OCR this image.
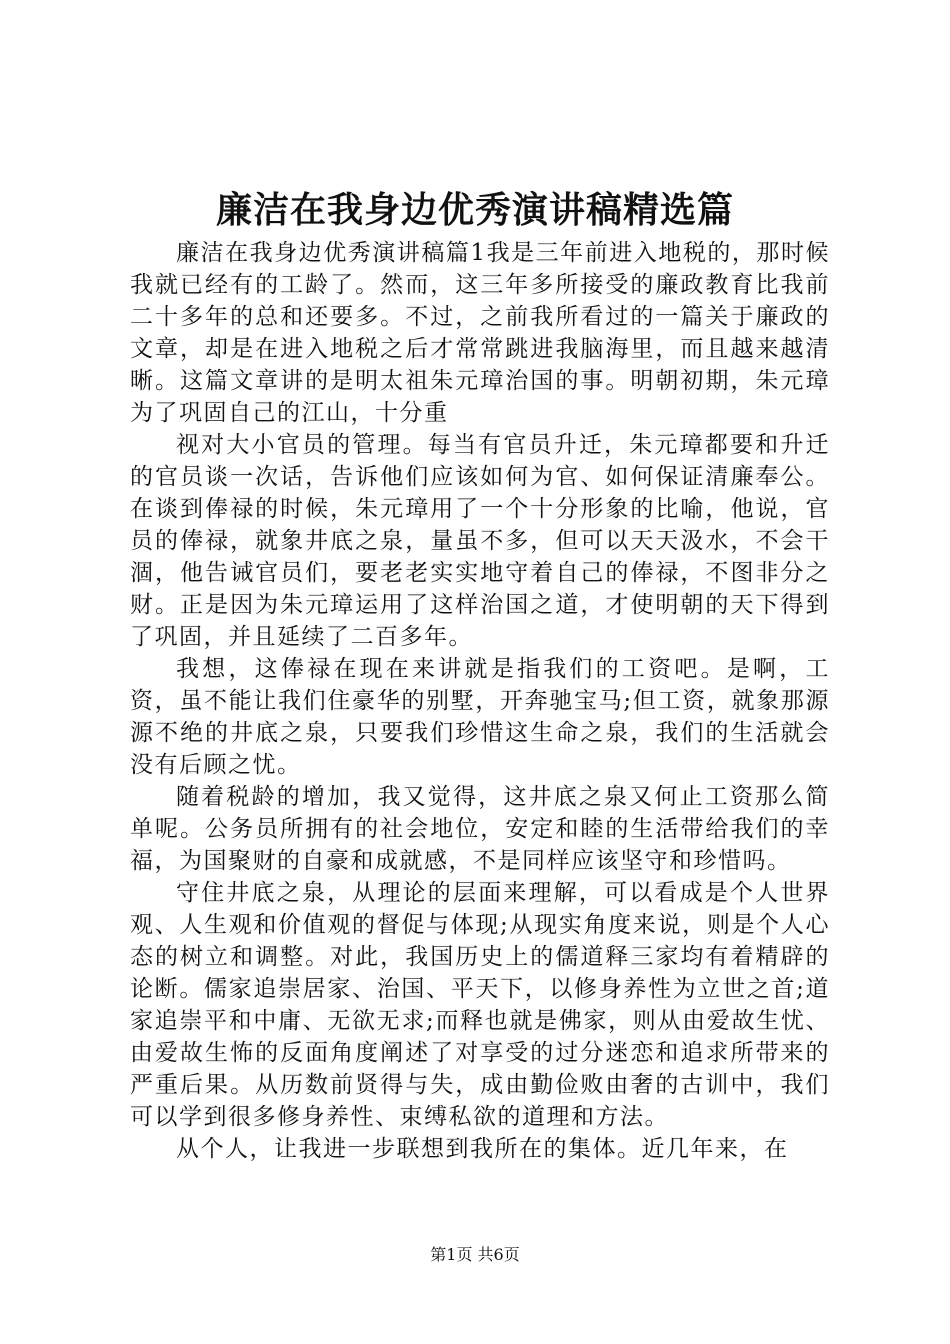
廉洁在我身边优秀演讲稿精选篇

廉洁在我身边优秀演讲稿篇1我是三年前进入地税的，那时候我就已经有的工龄了。然而，这三年多所接受的廉政教育比我前二十多年的总和还要多。不过，之前我所看过的一篇关于廉政的文章，却是在进入地税之后才常常跳进我脑海里，而且越来越清晰。这篇文章讲的是明太祖朱元璋治国的事。明朝初期，朱元璋为了巩固自己的江山，十分重

视对大小官员的管理。每当有官员升迁，朱元璋都要和升迁的官员谈一次话，告诉他们应该如何为官、如何保证清廉奉公。在谈到俸禄的时候，朱元璋用了一个十分形象的比喻，他说，官员的俸禄，就象井底之泉，量虽不多，但可以天天汲水，不会干涸，他告诫官员们，要老老实实地守着自己的俸禄，不图非分之财。正是因为朱元璋运用了这样治国之道，才使明朝的天下得到了巩固，并且延续了二百多年。

我想，这俸禄在现在来讲就是指我们的工资吧。是啊，工资，虽不能让我们住豪华的别墅，开奔驰宝马;但工资，就象那源源不绝的井底之泉，只要我们珍惜这生命之泉，我们的生活就会没有后顾之忧。

随着税龄的增加，我又觉得，这井底之泉又何止工资那么简单呢。公务员所拥有的社会地位，安定和睦的生活带给我们的幸福，为国聚财的自豪和成就感，不是同样应该坚守和珍惜吗。

守住井底之泉，从理论的层面来理解，可以看成是个人世界观、人生观和价值观的督促与体现;从现实角度来说，则是个人心态的树立和调整。对此，我国历史上的儒道释三家均有着精辟的论断。儒家追崇居家、治国、平天下，以修身养性为立世之首;道家追崇平和中庸、无欲无求;而释也就是佛家，则从由爱故生忧、由爱故生怖的反面角度阐述了对享受的过分迷恋和追求所带来的严重后果。从历数前贤得与失，成由勤俭败由奢的古训中，我们可以学到很多修身养性、束缚私欲的道理和方法。

从个人，让我进一步联想到我所在的集体。近几年来，在

第1页 共6页
